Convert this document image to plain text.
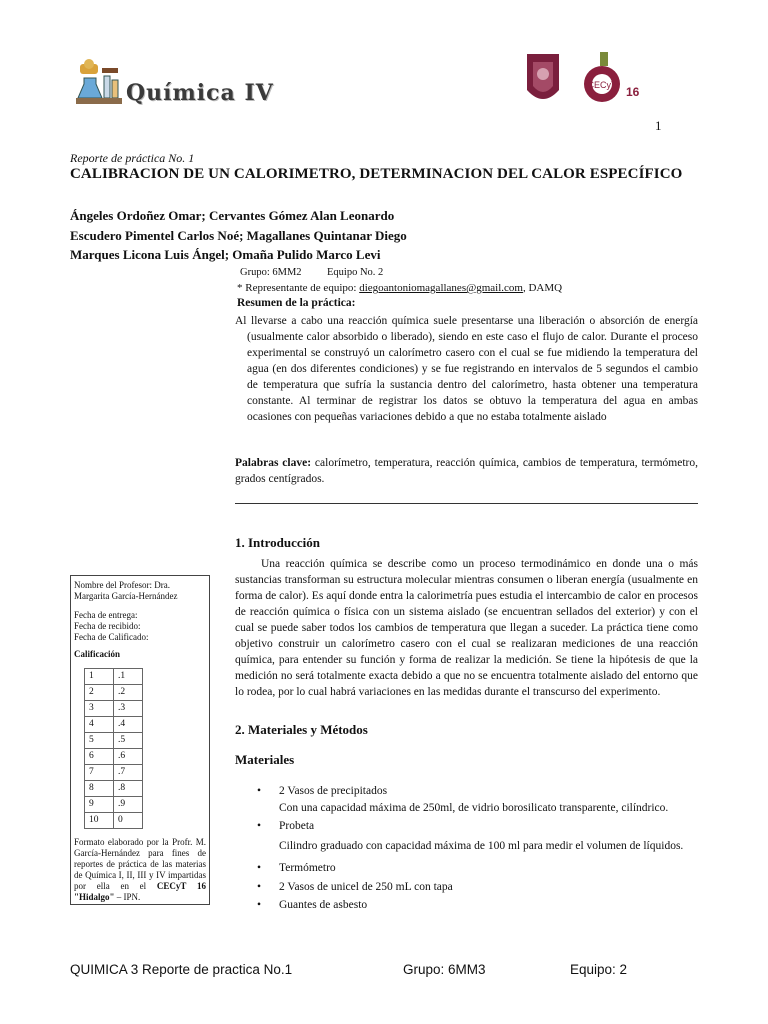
Química IV	CECyT 16
1
Reporte de práctica No. 1
CALIBRACION DE UN CALORIMETRO, DETERMINACION DEL CALOR ESPECÍFICO
Ángeles Ordoñez Omar; Cervantes Gómez Alan Leonardo
Escudero Pimentel Carlos Noé; Magallanes Quintanar Diego
Marques Licona Luis Ángel; Omaña Pulido Marco Levi
Grupo: 6MM2 Equipo No. 2
* Representante de equipo: diegoantoniomagallanes@gmail.com, DAMQ
Resumen de la práctica:
Al llevarse a cabo una reacción química suele presentarse una liberación o absorción de energía (usualmente calor absorbido o liberado), siendo en este caso el flujo de calor. Durante el proceso experimental se construyó un calorímetro casero con el cual se fue midiendo la temperatura del agua (en dos diferentes condiciones) y se fue registrando en intervalos de 5 segundos el cambio de temperatura que sufría la sustancia dentro del calorímetro, hasta obtener una temperatura constante. Al terminar de registrar los datos se obtuvo la temperatura del agua en ambas ocasiones con pequeñas variaciones debido a que no estaba totalmente aislado
Palabras clave: calorímetro, temperatura, reacción química, cambios de temperatura, termómetro, grados centígrados.

Nombre del Profesor: Dra. Margarita García-Hernández

Fecha de entrega:

Fecha de recibido:

Fecha de Calificado:

Calificación

1	.1
2	.2
3	.3
4	.4
5	.5
6	.6
7	.7
8	.8
9	.9
10	0

Formato elaborado por la Profr. M. García-Hernández para fines de reportes de práctica de las materias de Química I, II, III y IV impartidas por ella en el CECyT 16 "Hidalgo" – IPN.

1. Introducción
Una reacción química se describe como un proceso termodinámico en donde una o más sustancias transforman su estructura molecular mientras consumen o liberan energía (usualmente en forma de calor). Es aquí donde entra la calorimetría pues estudia el intercambio de calor en procesos de reacción química o física con un sistema aislado (se encuentran sellados del exterior) y con el cual se puede saber todos los cambios de temperatura que llegan a suceder. La práctica tiene como objetivo construir un calorímetro casero con el cual se realizaran mediciones de una reacción química, para entender su función y forma de realizar la medición. Se tiene la hipótesis de que la medición no será totalmente exacta debido a que no se encuentra totalmente aislado del entorno que lo rodea, por lo cual habrá variaciones en las medidas durante el transcurso del experimento.
2. Materiales y Métodos
Materiales
• 2 Vasos de precipitados
Con una capacidad máxima de 250ml, de vidrio borosilicato transparente, cilíndrico.
• Probeta
Cilindro graduado con capacidad máxima de 100 ml para medir el volumen de líquidos.
• Termómetro
• 2 Vasos de unicel de 250 mL con tapa
• Guantes de asbesto
QUIMICA 3 Reporte de practica No.1	Grupo: 6MM3	Equipo: 2
